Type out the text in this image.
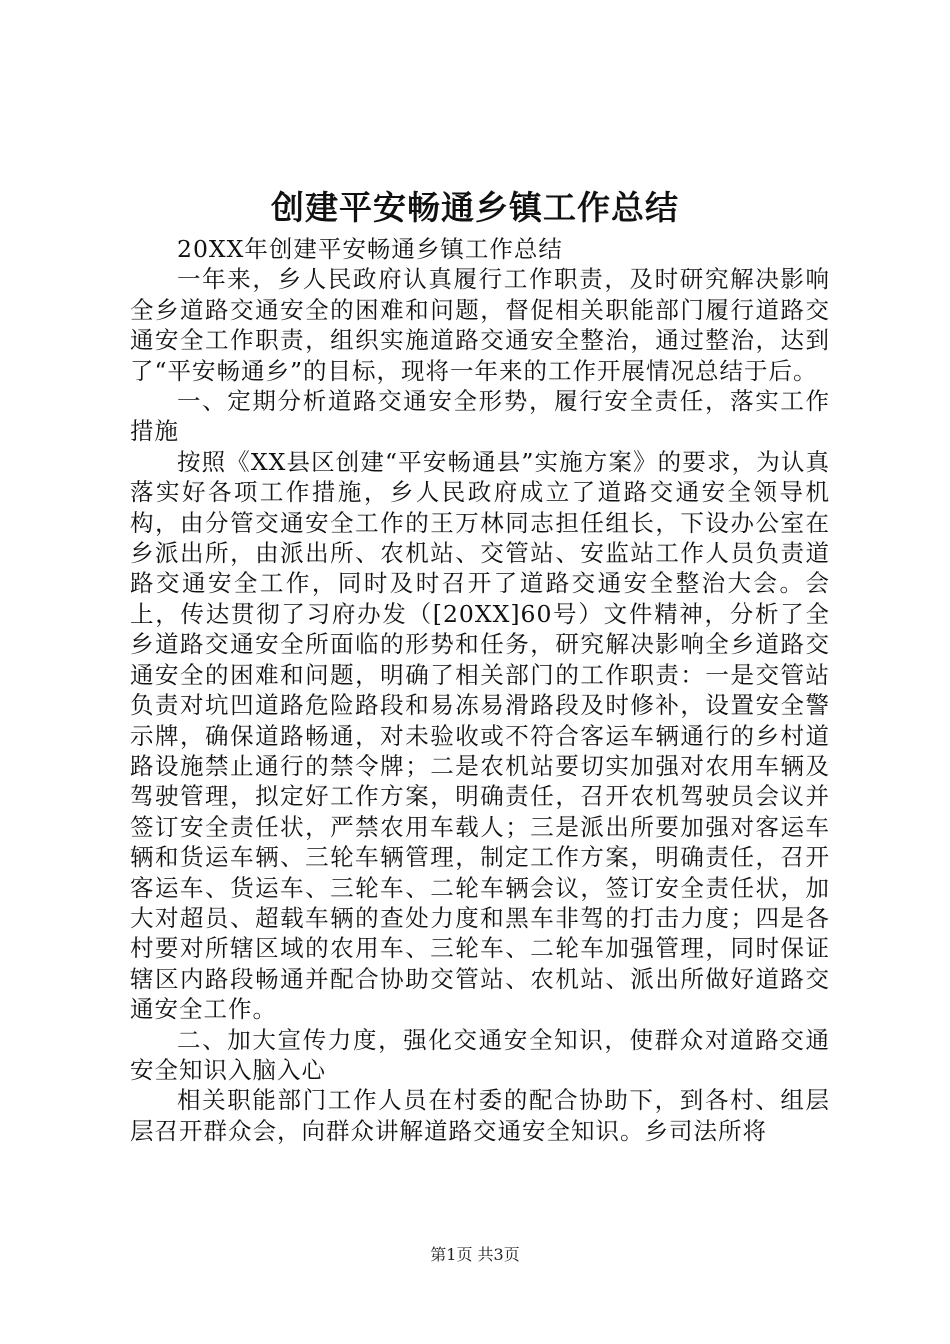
创建平安畅通乡镇工作总结

20XX年创建平安畅通乡镇工作总结

一年来，乡人民政府认真履行工作职责，及时研究解决影响全乡道路交通安全的困难和问题，督促相关职能部门履行道路交通安全工作职责，组织实施道路交通安全整治，通过整治，达到了“平安畅通乡”的目标，现将一年来的工作开展情况总结于后。

一、定期分析道路交通安全形势，履行安全责任，落实工作措施

按照《XX县区创建“平安畅通县”实施方案》的要求，为认真落实好各项工作措施，乡人民政府成立了道路交通安全领导机构，由分管交通安全工作的王万林同志担任组长，下设办公室在乡派出所，由派出所、农机站、交管站、安监站工作人员负责道路交通安全工作，同时及时召开了道路交通安全整治大会。会上，传达贯彻了习府办发（[20XX]60号）文件精神，分析了全乡道路交通安全所面临的形势和任务，研究解决影响全乡道路交通安全的困难和问题，明确了相关部门的工作职责：一是交管站负责对坑凹道路危险路段和易冻易滑路段及时修补，设置安全警示牌，确保道路畅通，对未验收或不符合客运车辆通行的乡村道路设施禁止通行的禁令牌；二是农机站要切实加强对农用车辆及驾驶管理，拟定好工作方案，明确责任，召开农机驾驶员会议并签订安全责任状，严禁农用车载人；三是派出所要加强对客运车辆和货运车辆、三轮车辆管理，制定工作方案，明确责任，召开客运车、货运车、三轮车、二轮车辆会议，签订安全责任状，加大对超员、超载车辆的查处力度和黑车非驾的打击力度；四是各村要对所辖区域的农用车、三轮车、二轮车加强管理，同时保证辖区内路段畅通并配合协助交管站、农机站、派出所做好道路交通安全工作。

二、加大宣传力度，强化交通安全知识，使群众对道路交通安全知识入脑入心

相关职能部门工作人员在村委的配合协助下，到各村、组层层召开群众会，向群众讲解道路交通安全知识。乡司法所将

第1页 共3页
